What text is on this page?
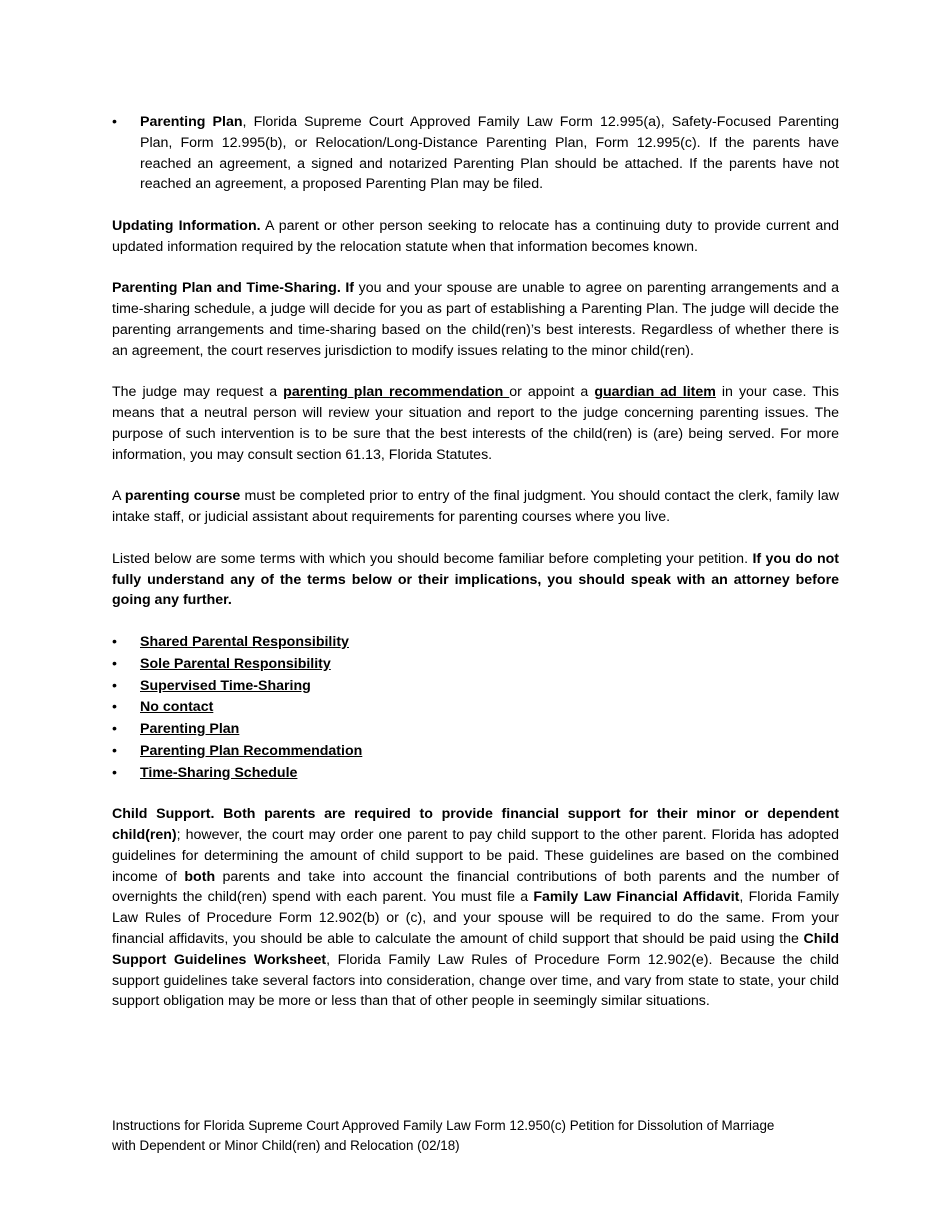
•	Parenting Plan, Florida Supreme Court Approved Family Law Form 12.995(a), Safety-Focused Parenting Plan, Form 12.995(b), or Relocation/Long-Distance Parenting Plan, Form 12.995(c). If the parents have reached an agreement, a signed and notarized Parenting Plan should be attached. If the parents have not reached an agreement, a proposed Parenting Plan may be filed.

Updating Information. A parent or other person seeking to relocate has a continuing duty to provide current and updated information required by the relocation statute when that information becomes known.

Parenting Plan and Time-Sharing. If you and your spouse are unable to agree on parenting arrangements and a time-sharing schedule, a judge will decide for you as part of establishing a Parenting Plan. The judge will decide the parenting arrangements and time-sharing based on the child(ren)’s best interests. Regardless of whether there is an agreement, the court reserves jurisdiction to modify issues relating to the minor child(ren).

The judge may request a parenting plan recommendation or appoint a guardian ad litem in your case. This means that a neutral person will review your situation and report to the judge concerning parenting issues. The purpose of such intervention is to be sure that the best interests of the child(ren) is (are) being served. For more information, you may consult section 61.13, Florida Statutes.

A parenting course must be completed prior to entry of the final judgment. You should contact the clerk, family law intake staff, or judicial assistant about requirements for parenting courses where you live.

Listed below are some terms with which you should become familiar before completing your petition. If you do not fully understand any of the terms below or their implications, you should speak with an attorney before going any further.

•	Shared Parental Responsibility
•	Sole Parental Responsibility
•	Supervised Time-Sharing
•	No contact
•	Parenting Plan
•	Parenting Plan Recommendation
•	Time-Sharing Schedule

Child Support. Both parents are required to provide financial support for their minor or dependent child(ren); however, the court may order one parent to pay child support to the other parent. Florida has adopted guidelines for determining the amount of child support to be paid. These guidelines are based on the combined income of both parents and take into account the financial contributions of both parents and the number of overnights the child(ren) spend with each parent. You must file a Family Law Financial Affidavit, Florida Family Law Rules of Procedure Form 12.902(b) or (c), and your spouse will be required to do the same. From your financial affidavits, you should be able to calculate the amount of child support that should be paid using the Child Support Guidelines Worksheet, Florida Family Law Rules of Procedure Form 12.902(e). Because the child support guidelines take several factors into consideration, change over time, and vary from state to state, your child support obligation may be more or less than that of other people in seemingly similar situations.

Instructions for Florida Supreme Court Approved Family Law Form 12.950(c) Petition for Dissolution of Marriage
with Dependent or Minor Child(ren) and Relocation (02/18)
